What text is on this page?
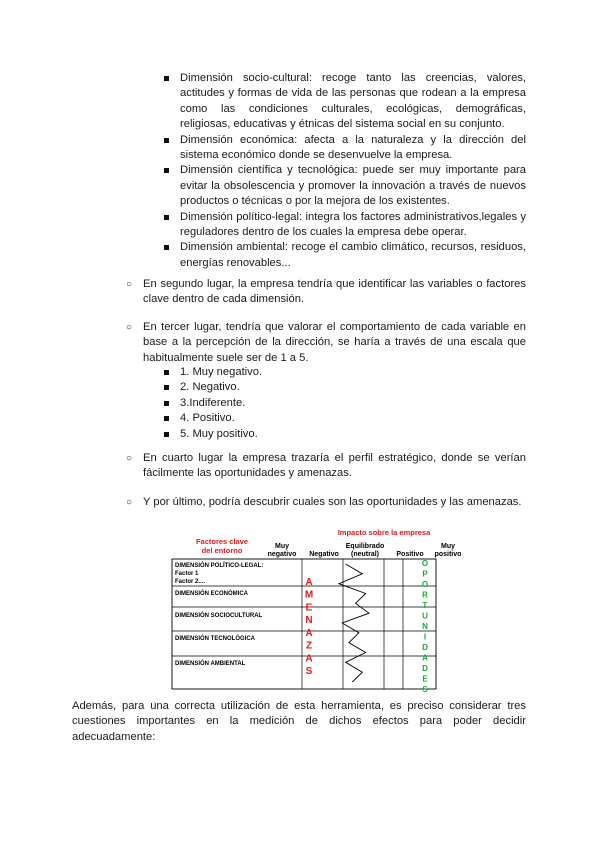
Dimensión socio-cultural: recoge tanto las creencias, valores, actitudes y formas de vida de las personas que rodean a la empresa como las condiciones culturales, ecológicas, demográficas, religiosas, educativas y étnicas del sistema social en su conjunto.
Dimensión económica: afecta a la naturaleza y la dirección del sistema económico donde se desenvuelve la empresa.
Dimensión científica y tecnológica: puede ser muy importante para evitar la obsolescencia y promover la innovación a través de nuevos productos o técnicas o por la mejora de los existentes.
Dimensión político-legal: integra los factores administrativos,legales y reguladores dentro de los cuales la empresa debe operar.
Dimensión ambiental: recoge el cambio climático, recursos, residuos, energías renovables...
○ En segundo lugar, la empresa tendría que identificar las variables o factores clave dentro de cada dimensión.
○ En tercer lugar, tendría que valorar el comportamiento de cada variable en base a la percepción de la dirección, se haría a través de una escala que habitualmente suele ser de 1 a 5.
1. Muy negativo.
2. Negativo.
3.Indiferente.
4. Positivo.
5. Muy positivo.
○ En cuarto lugar la empresa trazaría el perfil estratégico, donde se verían fácilmente las oportunidades y amenazas.
○ Y por último, podría descubrir cuales son las oportunidades y las amenazas.
Impacto sobre la empresa
Factores clave
del entorno	Muy
negativo Negativo
Equilibrado
(neutral) Positivo
Muy
positivo
DIMENSIÓN POLÍTICO-LEGAL:
Factor 1
Factor 2....
DIMENSIÓN ECONÓMICA
DIMENSIÓN SOCIOCULTURAL
DIMENSIÓN TECNOLÓGICA
DIMENSIÓN AMBIENTAL
A
M
E
N
A
Z
A
S
O
P
O
R
T
U
N
I
D
A
D
E
S
Además, para una correcta utilización de esta herramienta, es preciso considerar tres cuestiones importantes en la medición de dichos efectos para poder decidir adecuadamente:
